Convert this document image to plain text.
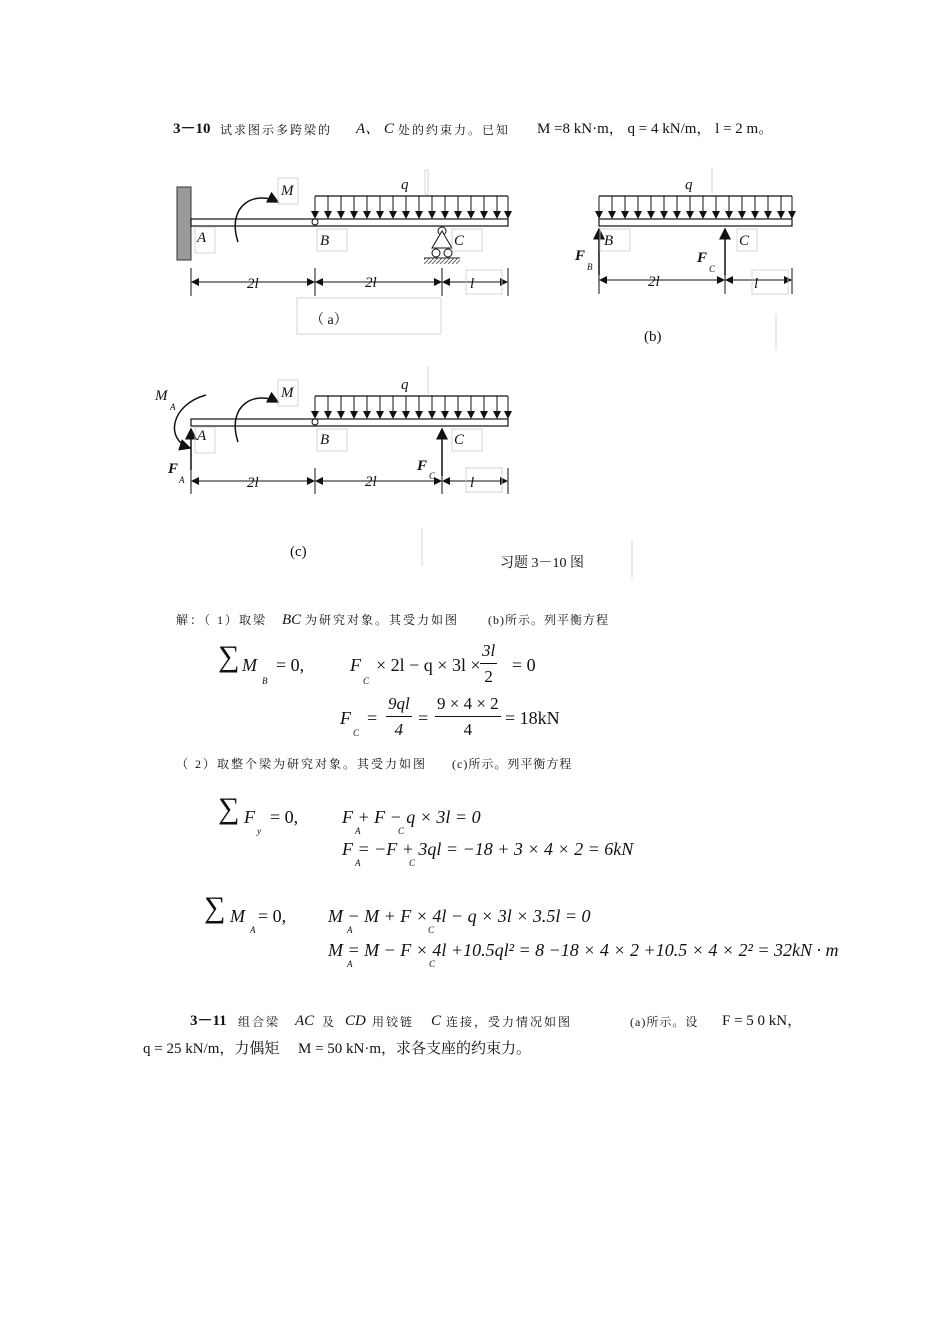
3－10 试求图示多跨梁的 A、 C 处的约束力。已知 M =8 kN·m， q = 4 kN/m， l = 2 m。
M	q
A	B	C
2l	2l	l
（ a）
q
B	C
F
B
F
C
2l	l
(b)
M
A
M	q
A	B	C
F
A
F
C
2l	2l	l
(c)
习题 3－10 图
解：（ 1）取梁 BC 为研究对象。其受力如图 (b)所示。列平衡方程
∑ M
B
= 0,	F
C
× $2l - q \times 3l \times \frac{3l}{2} = 0$
F
C
= $\frac{9ql}{4} = \frac{9 \times 4 \times 2}{4} = 18kN$
（ 2）取整个梁为研究对象。其受力如图 (c)所示。列平衡方程
∑ F
y
= 0, F + F − q × 3l = 0
A	C
F = −F + 3ql = −18 + 3 × 4 × 2 = 6kN
A	C
∑ M
A
= 0, M − M + F × 4l − q × 3l × 3.5l = 0
A	C
M = M − F × 4l +10.5ql² = 8 −18 × 4 × 2 +10.5 × 4 × 2² = 32kN · m
A	C
3－11 组合梁 AC 及 CD 用铰链 C 连接，受力情况如图	(a)所示。设 F = 5 0 kN，
q = 25 kN/m，力偶矩 M = 50 kN·m，求各支座的约束力。
